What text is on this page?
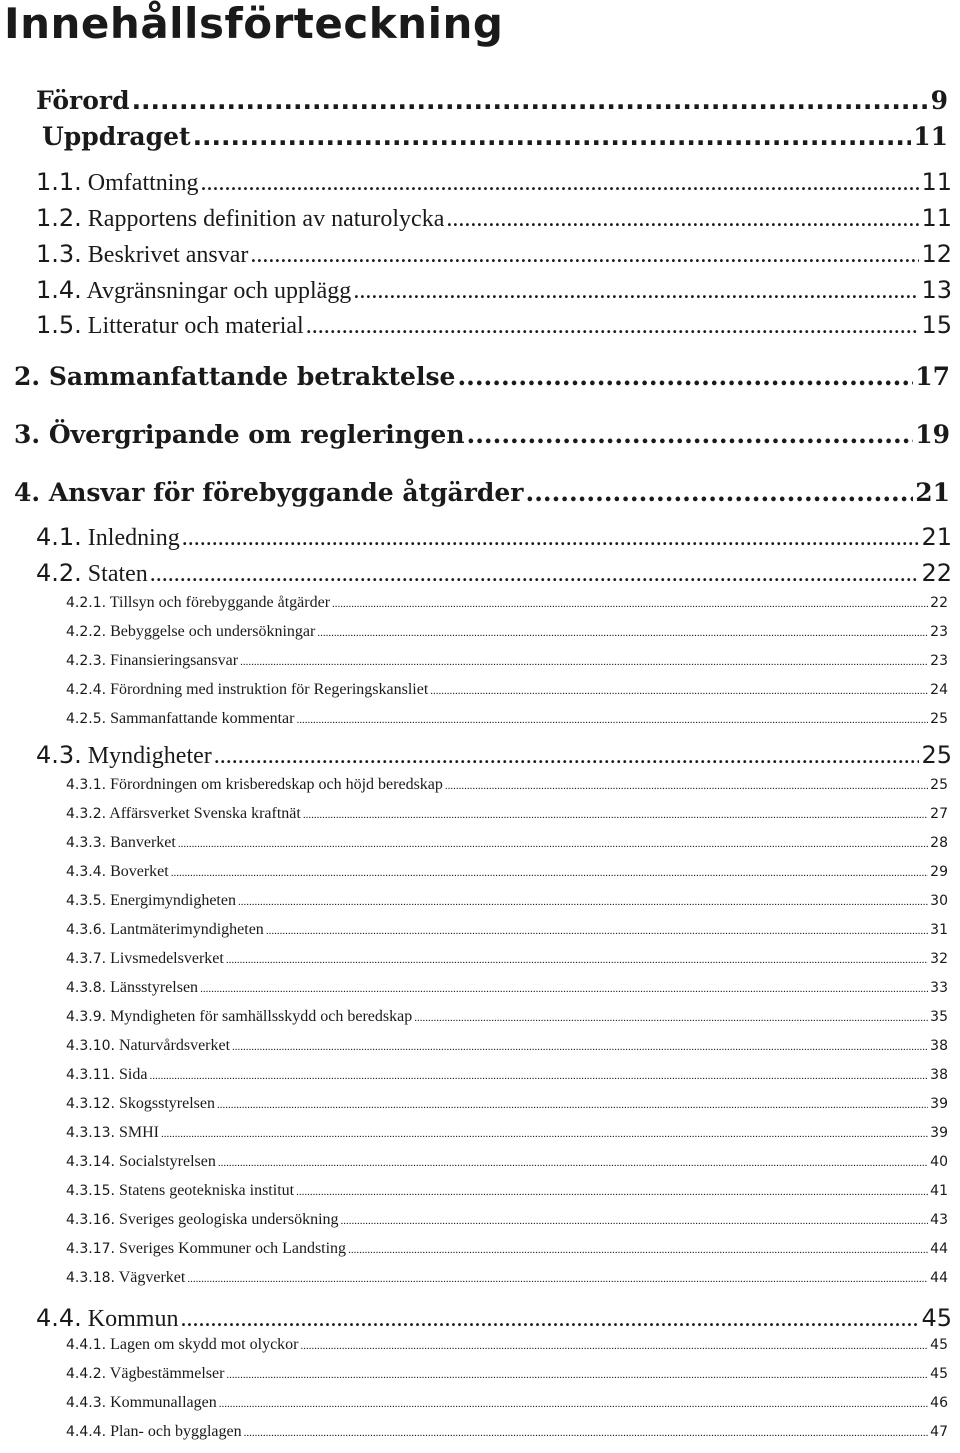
Innehållsförteckning
Förord .....	9
Uppdraget .....	11
1.1. Omfattning .....	11
1.2. Rapportens definition av naturolycka .....	11
1.3. Beskrivet ansvar .....	12
1.4. Avgränsningar och upplägg .....	13
1.5. Litteratur och material .....	15
2. Sammanfattande betraktelse .....	17
3. Övergripande om regleringen .....	19
4. Ansvar för förebyggande åtgärder .....	21
4.1. Inledning .....	21
4.2. Staten .....	22
4.2.1. Tillsyn och förebyggande åtgärder .....	22
4.2.2. Bebyggelse och undersökningar .....	23
4.2.3. Finansieringsansvar .....	23
4.2.4. Förordning med instruktion för Regeringskansliet .....	24
4.2.5. Sammanfattande kommentar .....	25
4.3. Myndigheter .....	25
4.3.1. Förordningen om krisberedskap och höjd beredskap .....	25
4.3.2. Affärsverket Svenska kraftnät .....	27
4.3.3. Banverket .....	28
4.3.4. Boverket .....	29
4.3.5. Energimyndigheten .....	30
4.3.6. Lantmäterimyndigheten .....	31
4.3.7. Livsmedelsverket .....	32
4.3.8. Länsstyrelsen .....	33
4.3.9. Myndigheten för samhällsskydd och beredskap .....	35
4.3.10. Naturvårdsverket .....	38
4.3.11. Sida .....	38
4.3.12. Skogsstyrelsen .....	39
4.3.13. SMHI .....	39
4.3.14. Socialstyrelsen .....	40
4.3.15. Statens geotekniska institut .....	41
4.3.16. Sveriges geologiska undersökning .....	43
4.3.17. Sveriges Kommuner och Landsting .....	44
4.3.18. Vägverket .....	44
4.4. Kommun .....	45
4.4.1. Lagen om skydd mot olyckor .....	45
4.4.2. Vägbestämmelser .....	45
4.4.3. Kommunallagen .....	46
4.4.4. Plan- och bygglagen .....	47
